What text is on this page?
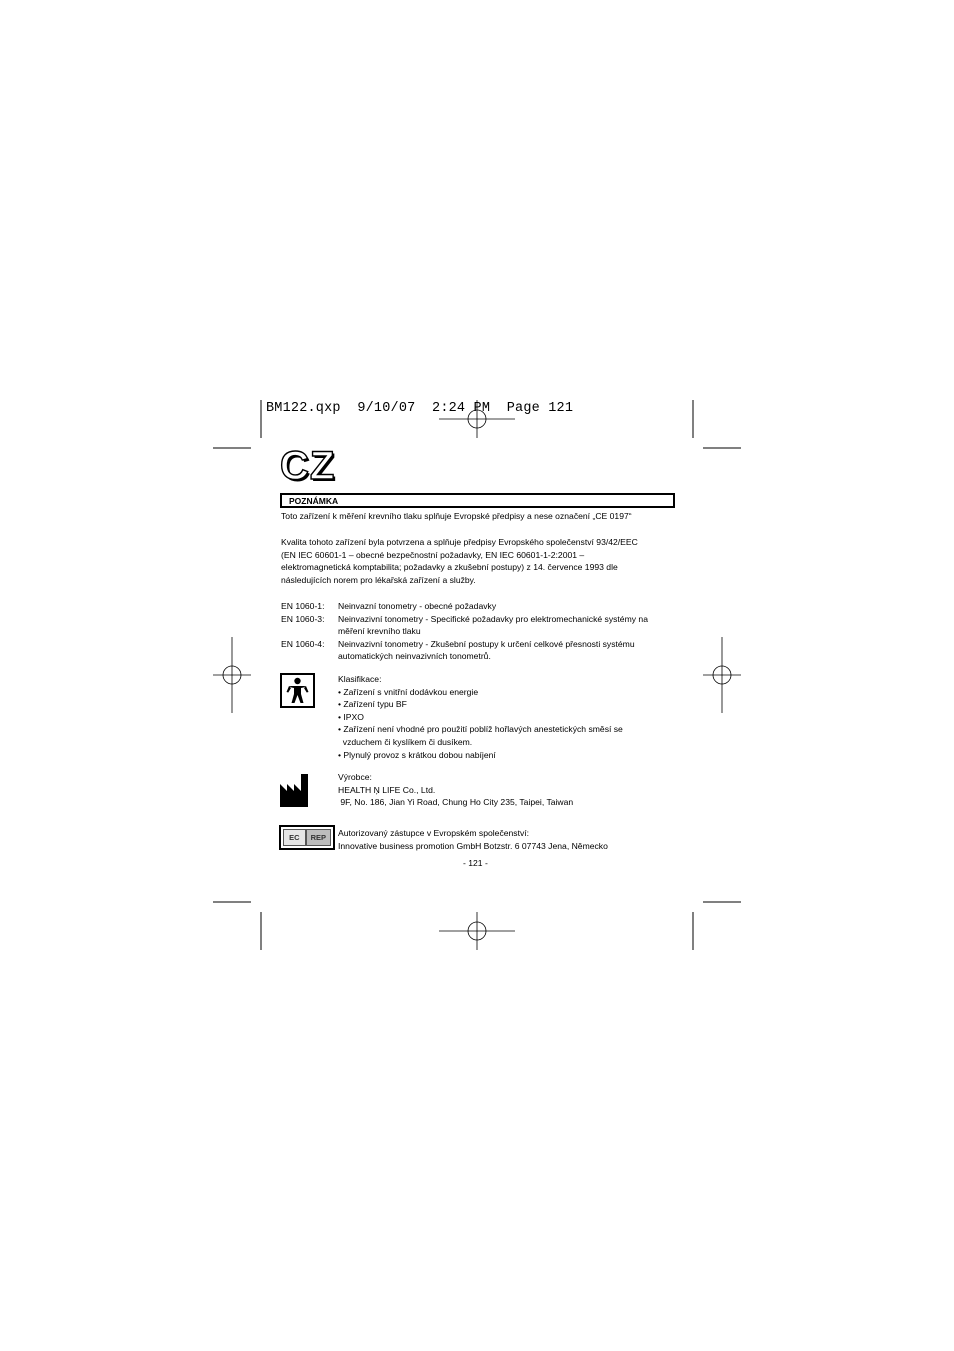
BM122.qxp  9/10/07  2:24 PM  Page 121
CZ
POZNÁMKA
Toto zařízení k měření krevního tlaku splňuje Evropské předpisy a nese označení „CE 0197“
Kvalita tohoto zařízení byla potvrzena a splňuje předpisy Evropského společenství 93/42/EEC
(EN IEC 60601-1 – obecné bezpečnostní požadavky, EN IEC 60601-1-2:2001 –
elektromagnetická komptabilita; požadavky a zkušební postupy) z 14. července 1993 dle
následujících norem pro lékařská zařízení a služby.
EN 1060-1: Neinvazní tonometry - obecné požadavky
EN 1060-3: Neinvazivní tonometry - Specifické požadavky pro elektromechanické systémy na
měření krevního tlaku
EN 1060-4: Neinvazivní tonometry - Zkušební postupy k určení celkové přesnosti systému
automatických neinvazivních tonometrů.
Klasifikace:
• Zařízení s vnitřní dodávkou energie
• Zařízení typu BF
• IPXO
• Zařízení není vhodné pro použití poblíž hořlavých anestetických směsí se
vzduchem či kyslíkem či dusíkem.
• Plynulý provoz s krátkou dobou nabíjení
Výrobce:
HEALTH Ņ LIFE Co., Ltd.
9F, No. 186, Jian Yi Road, Chung Ho City 235, Taipei, Taiwan
EC	REP	Autorizovaný zástupce v Evropském společenství:
Innovative business promotion GmbH Botzstr. 6 07743 Jena, Německo
- 121 -
